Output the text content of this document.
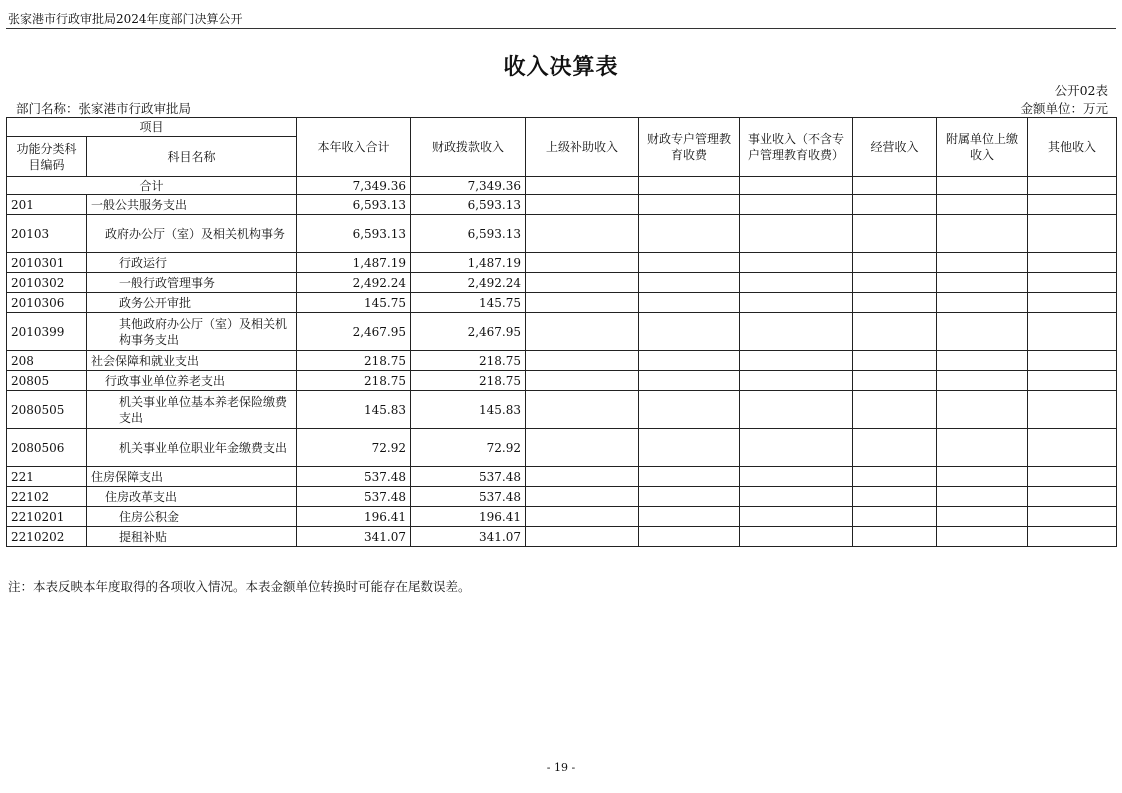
张家港市行政审批局2024年度部门决算公开
收入决算表
公开02表
部门名称：张家港市行政审批局	金额单位：万元
项目		本年收入合计	财政拨款收入	上级补助收入	财政专户管理教育收费	事业收入（不含专户管理教育收费）	经营收入	附属单位上缴收入	其他收入
功能分类科目编码	科目名称								
合计		7,349.36	7,349.36						
201	一般公共服务支出	6,593.13	6,593.13						
20103	政府办公厅（室）及相关机构事务	6,593.13	6,593.13						
2010301	行政运行	1,487.19	1,487.19						
2010302	一般行政管理事务	2,492.24	2,492.24						
2010306	政务公开审批	145.75	145.75						
2010399	其他政府办公厅（室）及相关机构事务支出	2,467.95	2,467.95						
208	社会保障和就业支出	218.75	218.75						
20805	行政事业单位养老支出	218.75	218.75						
2080505	机关事业单位基本养老保险缴费支出	145.83	145.83						
2080506	机关事业单位职业年金缴费支出	72.92	72.92						
221	住房保障支出	537.48	537.48						
22102	住房改革支出	537.48	537.48						
2210201	住房公积金	196.41	196.41						
2210202	提租补贴	341.07	341.07						
注：本表反映本年度取得的各项收入情况。本表金额单位转换时可能存在尾数误差。
- 19 -
